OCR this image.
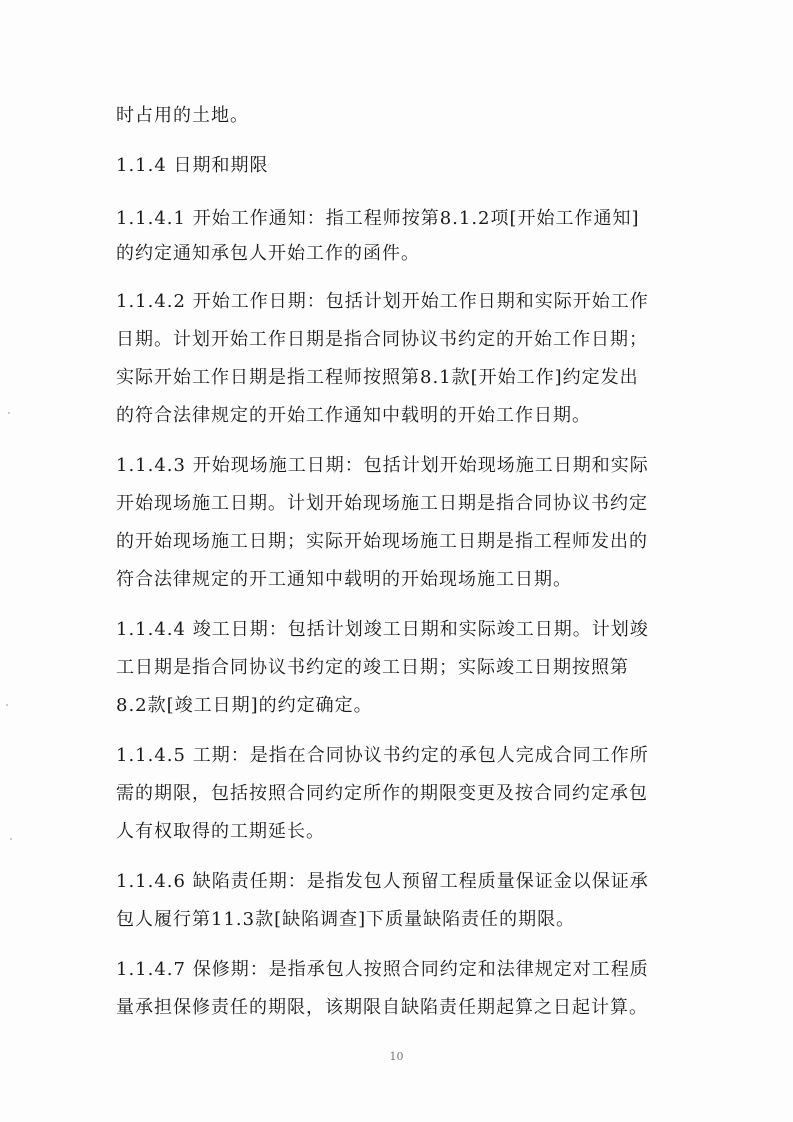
时占用的土地。
1.1.4 日期和期限
1.1.4.1 开始工作通知：指工程师按第8.1.2项[开始工作通知]
的约定通知承包人开始工作的函件。
1.1.4.2 开始工作日期：包括计划开始工作日期和实际开始工作
日期。计划开始工作日期是指合同协议书约定的开始工作日期；
实际开始工作日期是指工程师按照第8.1款[开始工作]约定发出
的符合法律规定的开始工作通知中载明的开始工作日期。
1.1.4.3 开始现场施工日期：包括计划开始现场施工日期和实际
开始现场施工日期。计划开始现场施工日期是指合同协议书约定
的开始现场施工日期；实际开始现场施工日期是指工程师发出的
符合法律规定的开工通知中载明的开始现场施工日期。
1.1.4.4 竣工日期：包括计划竣工日期和实际竣工日期。计划竣
工日期是指合同协议书约定的竣工日期；实际竣工日期按照第
8.2款[竣工日期]的约定确定。
1.1.4.5 工期：是指在合同协议书约定的承包人完成合同工作所
需的期限，包括按照合同约定所作的期限变更及按合同约定承包
人有权取得的工期延长。
1.1.4.6 缺陷责任期：是指发包人预留工程质量保证金以保证承
包人履行第11.3款[缺陷调查]下质量缺陷责任的期限。
1.1.4.7 保修期：是指承包人按照合同约定和法律规定对工程质
量承担保修责任的期限，该期限自缺陷责任期起算之日起计算。
10
